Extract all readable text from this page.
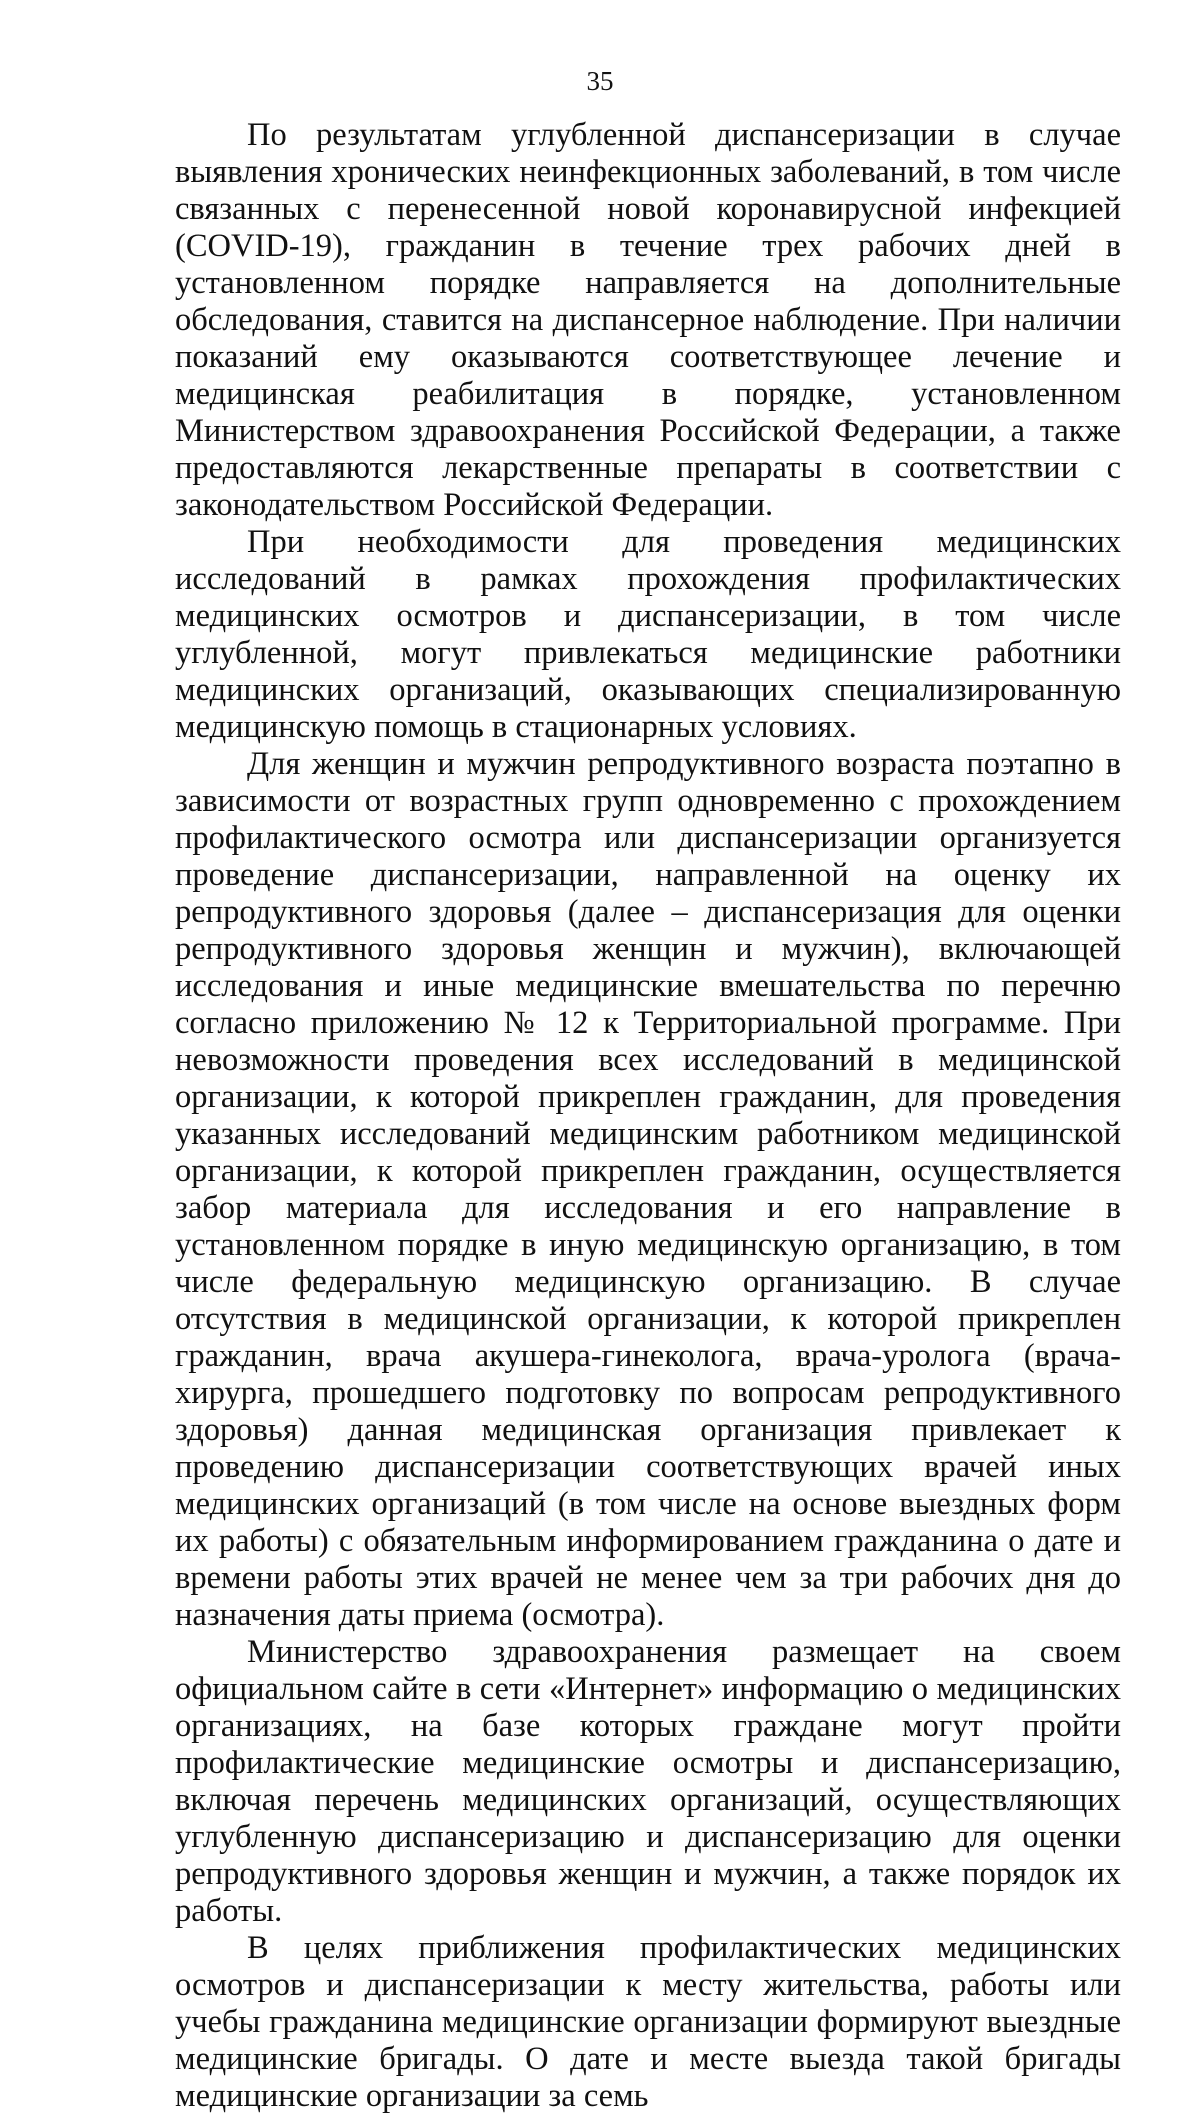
35

По результатам углубленной диспансеризации в случае выявления хронических неинфекционных заболеваний, в том числе связанных с перенесенной новой коронавирусной инфекцией (COVID-19), гражданин в течение трех рабочих дней в установленном порядке направляется на дополнительные обследования, ставится на диспансерное наблюдение. При наличии показаний ему оказываются соответствующее лечение и медицинская реабилитация в порядке, установленном Министерством здравоохранения Российской Федерации, а также предоставляются лекарственные препараты в соответствии с законодательством Российской Федерации.

При необходимости для проведения медицинских исследований в рамках прохождения профилактических медицинских осмотров и диспансеризации, в том числе углубленной, могут привлекаться медицинские работники медицинских организаций, оказывающих специализированную медицинскую помощь в стационарных условиях.

Для женщин и мужчин репродуктивного возраста поэтапно в зависимости от возрастных групп одновременно с прохождением профилактического осмотра или диспансеризации организуется проведение диспансеризации, направленной на оценку их репродуктивного здоровья (далее – диспансеризация для оценки репродуктивного здоровья женщин и мужчин), включающей исследования и иные медицинские вмешательства по перечню согласно приложению № 12 к Территориальной программе. При невозможности проведения всех исследований в медицинской организации, к которой прикреплен гражданин, для проведения указанных исследований медицинским работником медицинской организации, к которой прикреплен гражданин, осуществляется забор материала для исследования и его направление в установленном порядке в иную медицинскую организацию, в том числе федеральную медицинскую организацию. В случае отсутствия в медицинской организации, к которой прикреплен гражданин, врача акушера-гинеколога, врача-уролога (врача-хирурга, прошедшего подготовку по вопросам репродуктивного здоровья) данная медицинская организация привлекает к проведению диспансеризации соответствующих врачей иных медицинских организаций (в том числе на основе выездных форм их работы) с обязательным информированием гражданина о дате и времени работы этих врачей не менее чем за три рабочих дня до назначения даты приема (осмотра).

Министерство здравоохранения размещает на своем официальном сайте в сети «Интернет» информацию о медицинских организациях, на базе которых граждане могут пройти профилактические медицинские осмотры и диспансеризацию, включая перечень медицинских организаций, осуществляющих углубленную диспансеризацию и диспансеризацию для оценки репродуктивного здоровья женщин и мужчин, а также порядок их работы.

В целях приближения профилактических медицинских осмотров и диспансеризации к месту жительства, работы или учебы гражданина медицинские организации формируют выездные медицинские бригады. О дате и месте выезда такой бригады медицинские организации за семь
